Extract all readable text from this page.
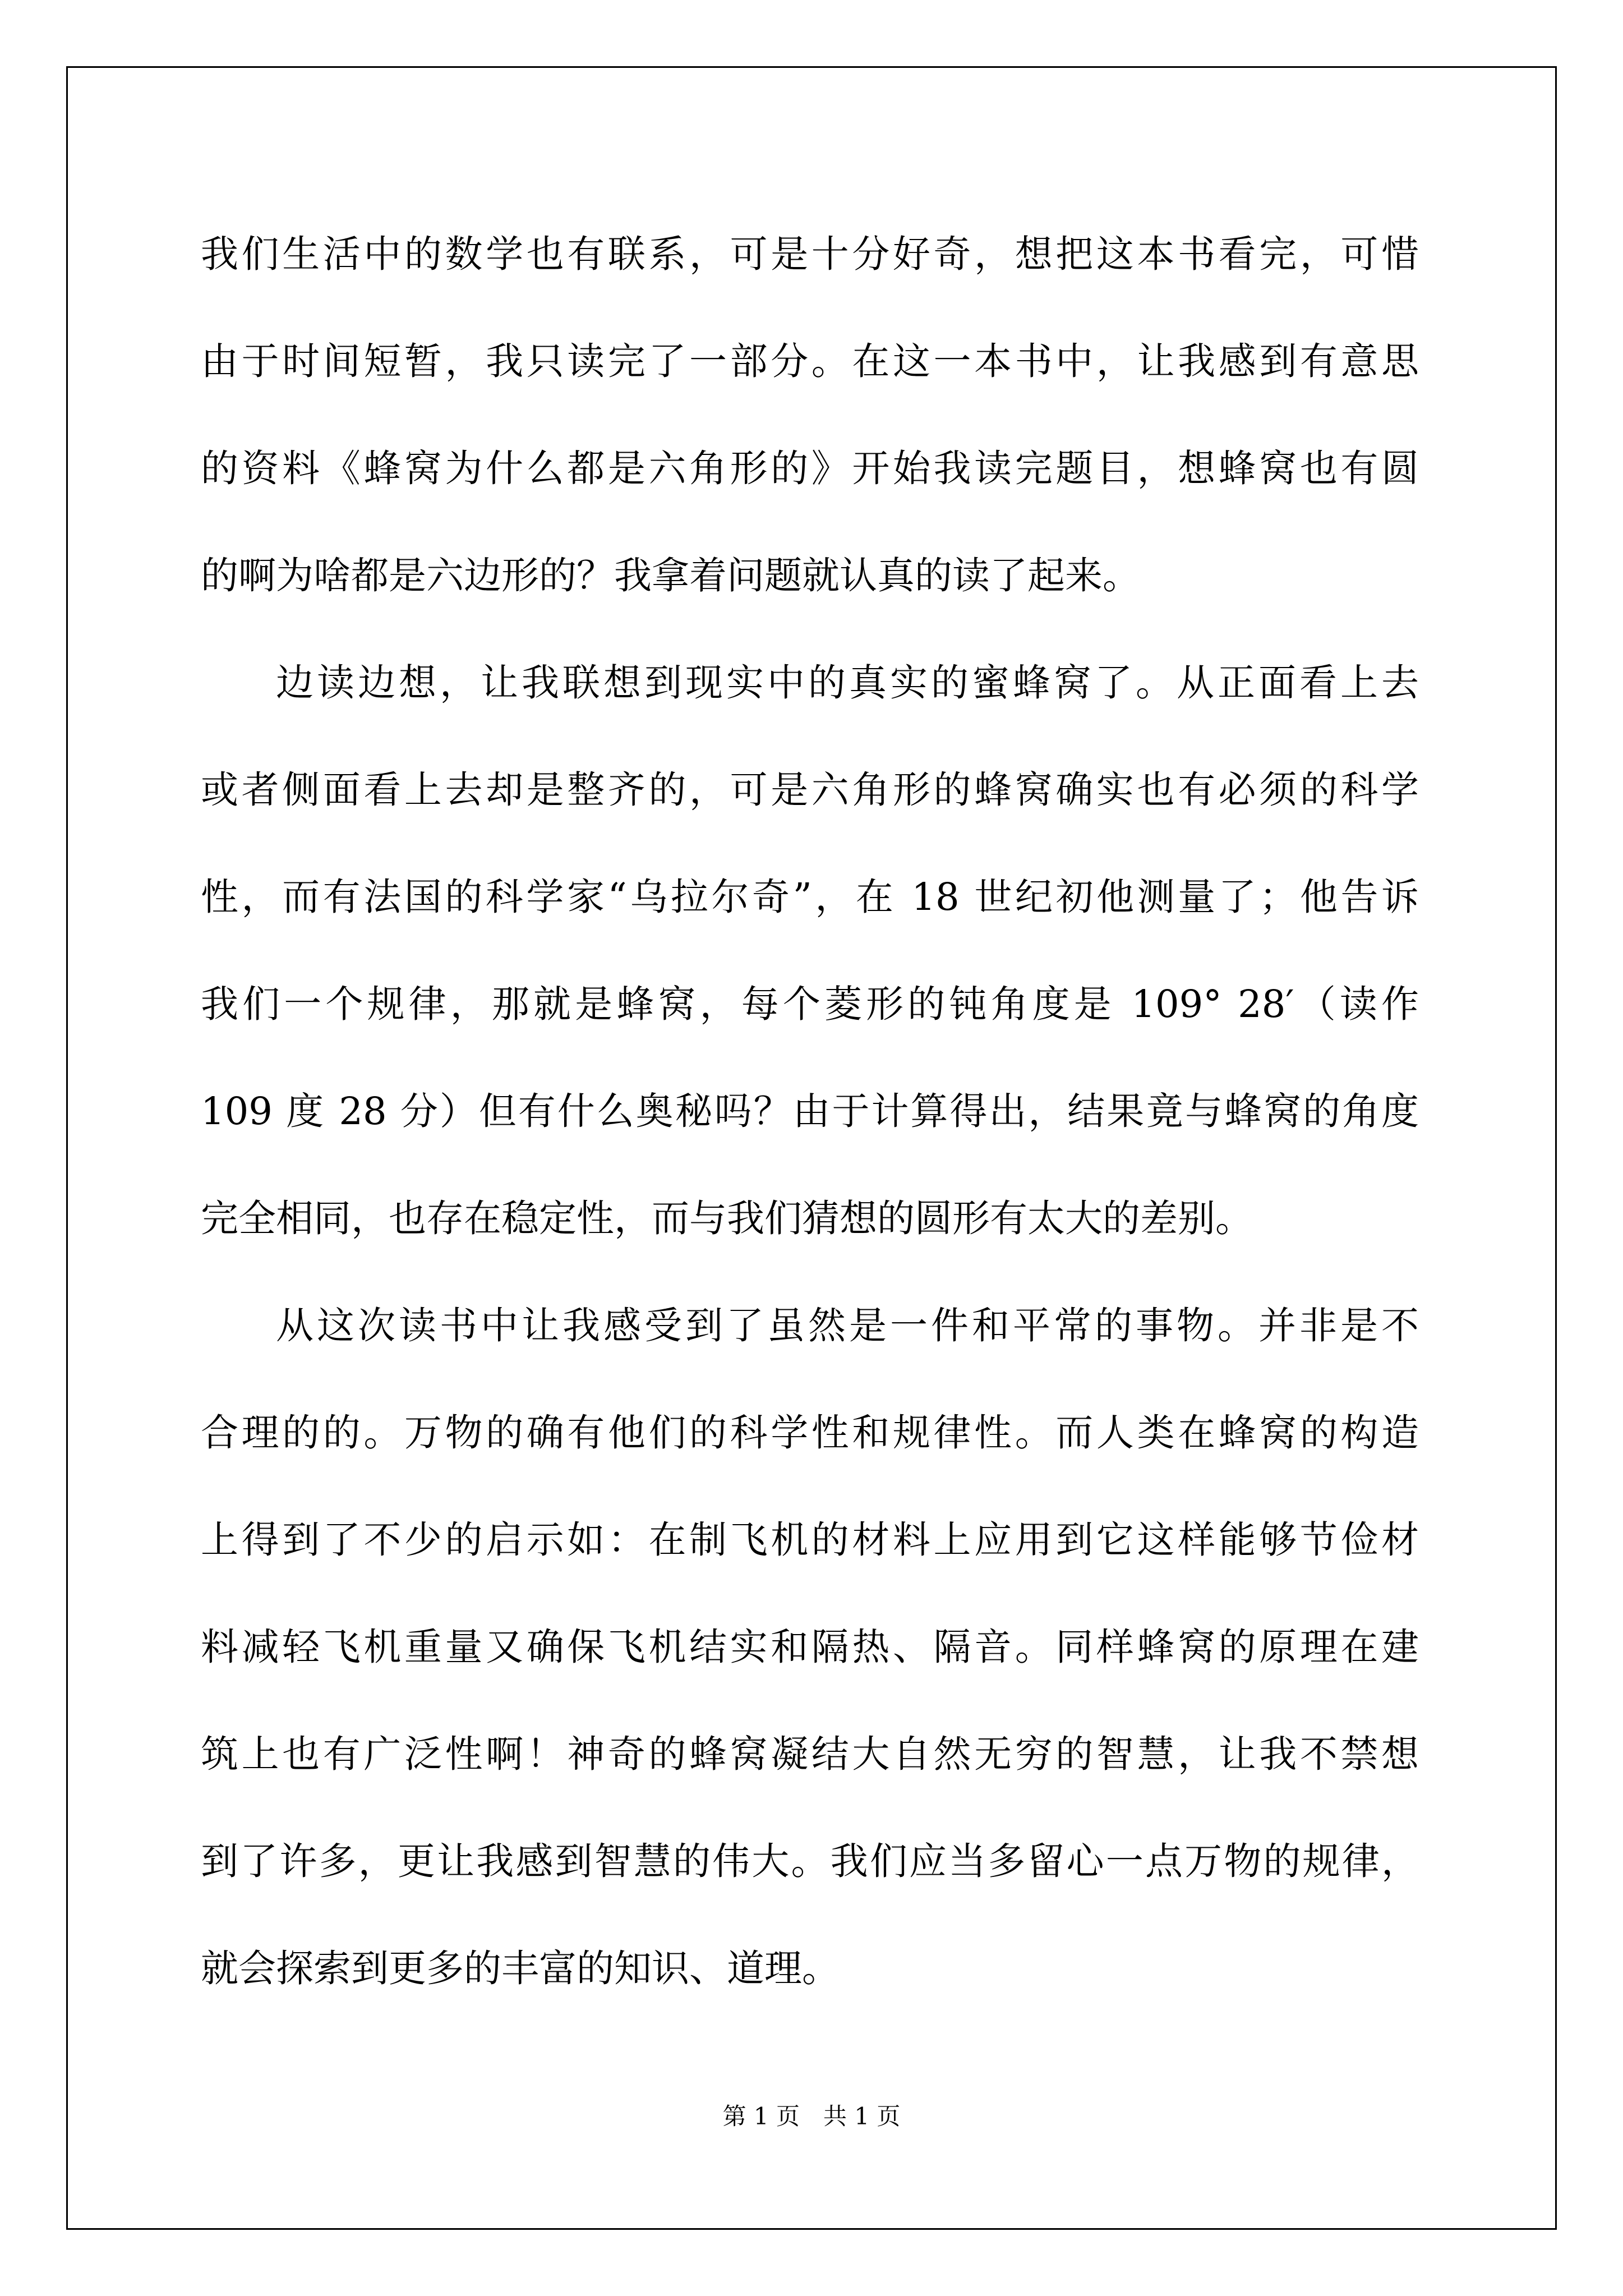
我们生活中的数学也有联系，可是十分好奇，想把这本书看完，可惜
由于时间短暂，我只读完了一部分。在这一本书中，让我感到有意思
的资料《蜂窝为什么都是六角形的》开始我读完题目，想蜂窝也有圆
的啊为啥都是六边形的？我拿着问题就认真的读了起来。
边读边想，让我联想到现实中的真实的蜜蜂窝了。从正面看上去
或者侧面看上去却是整齐的，可是六角形的蜂窝确实也有必须的科学
性，而有法国的科学家“乌拉尔奇”，在 18 世纪初他测量了；他告诉
我们一个规律，那就是蜂窝，每个菱形的钝角度是 109° 28′（读作
109 度 28 分）但有什么奥秘吗？由于计算得出，结果竟与蜂窝的角度
完全相同，也存在稳定性，而与我们猜想的圆形有太大的差别。
从这次读书中让我感受到了虽然是一件和平常的事物。并非是不
合理的的。万物的确有他们的科学性和规律性。而人类在蜂窝的构造
上得到了不少的启示如：在制飞机的材料上应用到它这样能够节俭材
料减轻飞机重量又确保飞机结实和隔热、隔音。同样蜂窝的原理在建
筑上也有广泛性啊！神奇的蜂窝凝结大自然无穷的智慧，让我不禁想
到了许多，更让我感到智慧的伟大。我们应当多留心一点万物的规律，
就会探索到更多的丰富的知识、道理。
第 1 页　共 1 页
